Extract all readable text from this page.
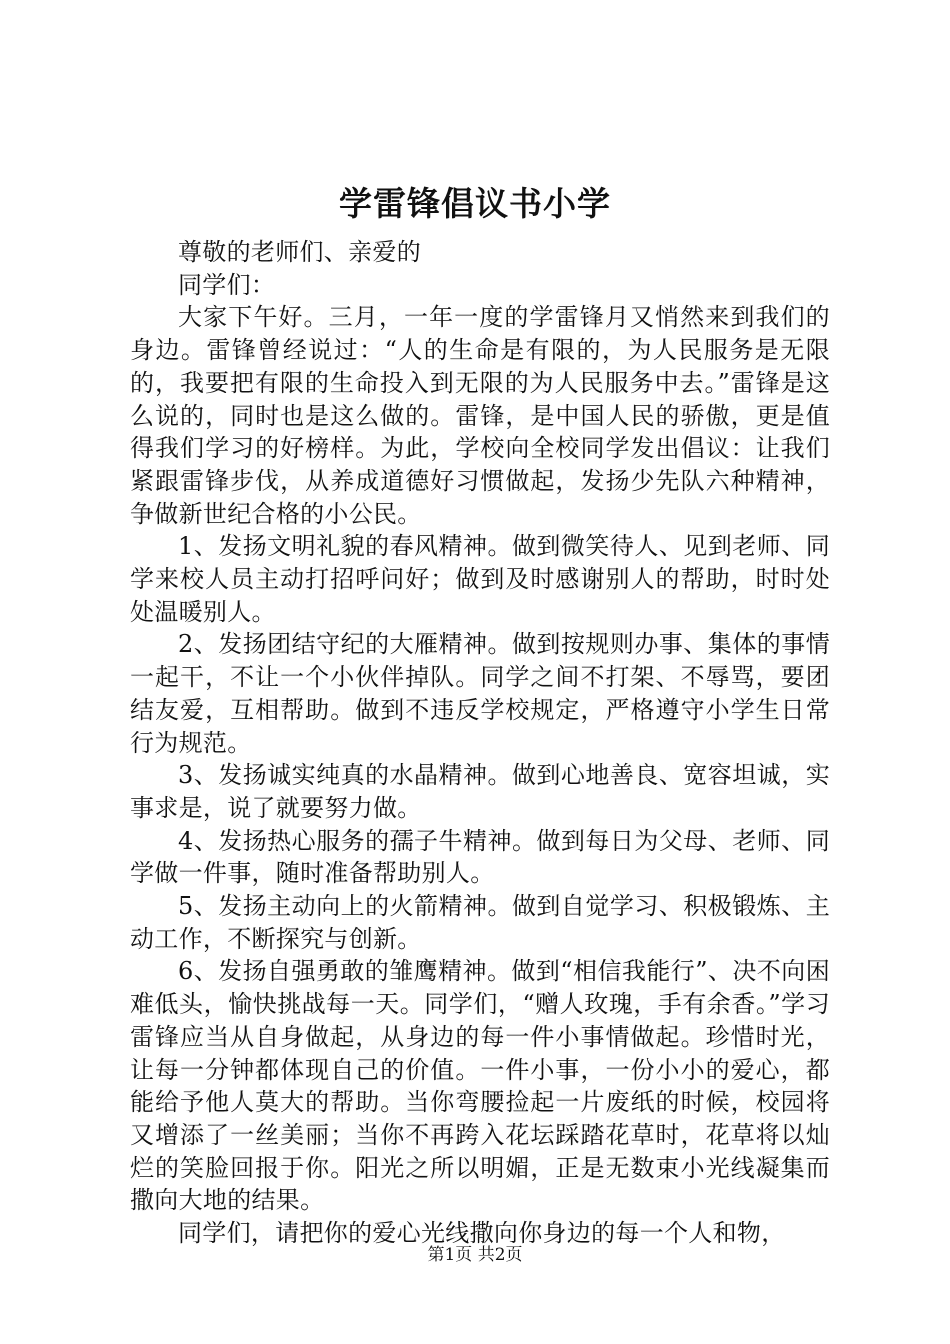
学雷锋倡议书小学

尊敬的老师们、亲爱的

同学们：

大家下午好。三月，一年一度的学雷锋月又悄然来到我们的身边。雷锋曾经说过：“人的生命是有限的，为人民服务是无限的，我要把有限的生命投入到无限的为人民服务中去。”雷锋是这么说的，同时也是这么做的。雷锋，是中国人民的骄傲，更是值得我们学习的好榜样。为此，学校向全校同学发出倡议：让我们紧跟雷锋步伐，从养成道德好习惯做起，发扬少先队六种精神，争做新世纪合格的小公民。

1、发扬文明礼貌的春风精神。做到微笑待人、见到老师、同学来校人员主动打招呼问好；做到及时感谢别人的帮助，时时处处温暖别人。

2、发扬团结守纪的大雁精神。做到按规则办事、集体的事情一起干，不让一个小伙伴掉队。同学之间不打架、不辱骂，要团结友爱，互相帮助。做到不违反学校规定，严格遵守小学生日常行为规范。

3、发扬诚实纯真的水晶精神。做到心地善良、宽容坦诚，实事求是，说了就要努力做。

4、发扬热心服务的孺子牛精神。做到每日为父母、老师、同学做一件事，随时准备帮助别人。

5、发扬主动向上的火箭精神。做到自觉学习、积极锻炼、主动工作，不断探究与创新。

6、发扬自强勇敢的雏鹰精神。做到“相信我能行”、决不向困难低头，愉快挑战每一天。同学们，“赠人玫瑰，手有余香。”学习雷锋应当从自身做起，从身边的每一件小事情做起。珍惜时光，让每一分钟都体现自己的价值。一件小事，一份小小的爱心，都能给予他人莫大的帮助。当你弯腰捡起一片废纸的时候，校园将又增添了一丝美丽；当你不再跨入花坛踩踏花草时，花草将以灿烂的笑脸回报于你。阳光之所以明媚，正是无数束小光线凝集而撒向大地的结果。

同学们，请把你的爱心光线撒向你身边的每一个人和物，

第1页 共2页
